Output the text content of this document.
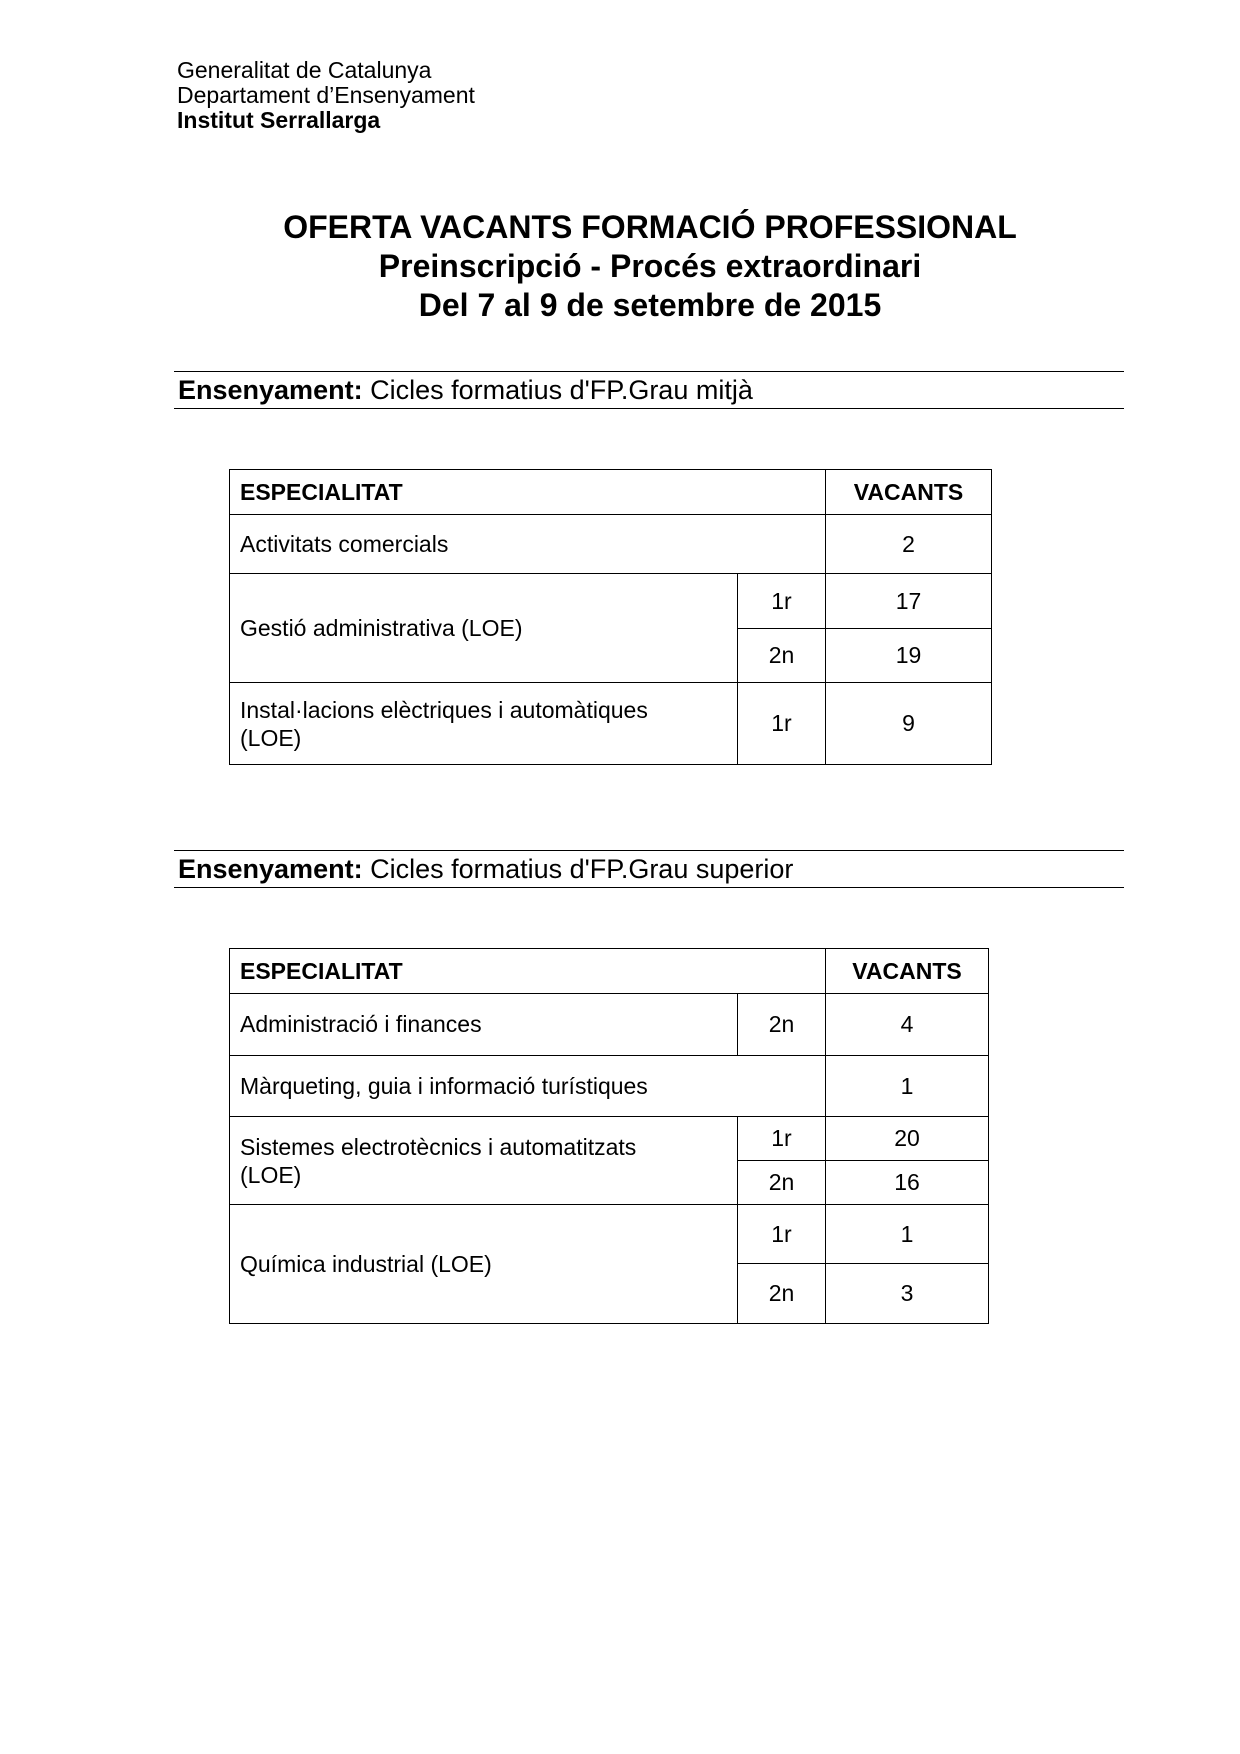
Generalitat de Catalunya
Departament d’Ensenyament
Institut Serrallarga
OFERTA VACANTS FORMACIÓ PROFESSIONAL
Preinscripció - Procés extraordinari
Del 7 al 9 de setembre de 2015
Ensenyament: Cicles formatius d'FP.Grau mitjà
ESPECIALITAT		VACANTS
Activitats comercials		2
Gestió administrativa (LOE)	1r	17
	2n	19
Instal·lacions elèctriques i automàtiques
(LOE)	1r	9
Ensenyament: Cicles formatius d'FP.Grau superior
ESPECIALITAT		VACANTS
Administració i finances	2n	4
Màrqueting, guia i informació turístiques		1
Sistemes electrotècnics i automatitzats
(LOE)	1r	20
	2n	16
Química industrial (LOE)	1r	1
	2n	3
